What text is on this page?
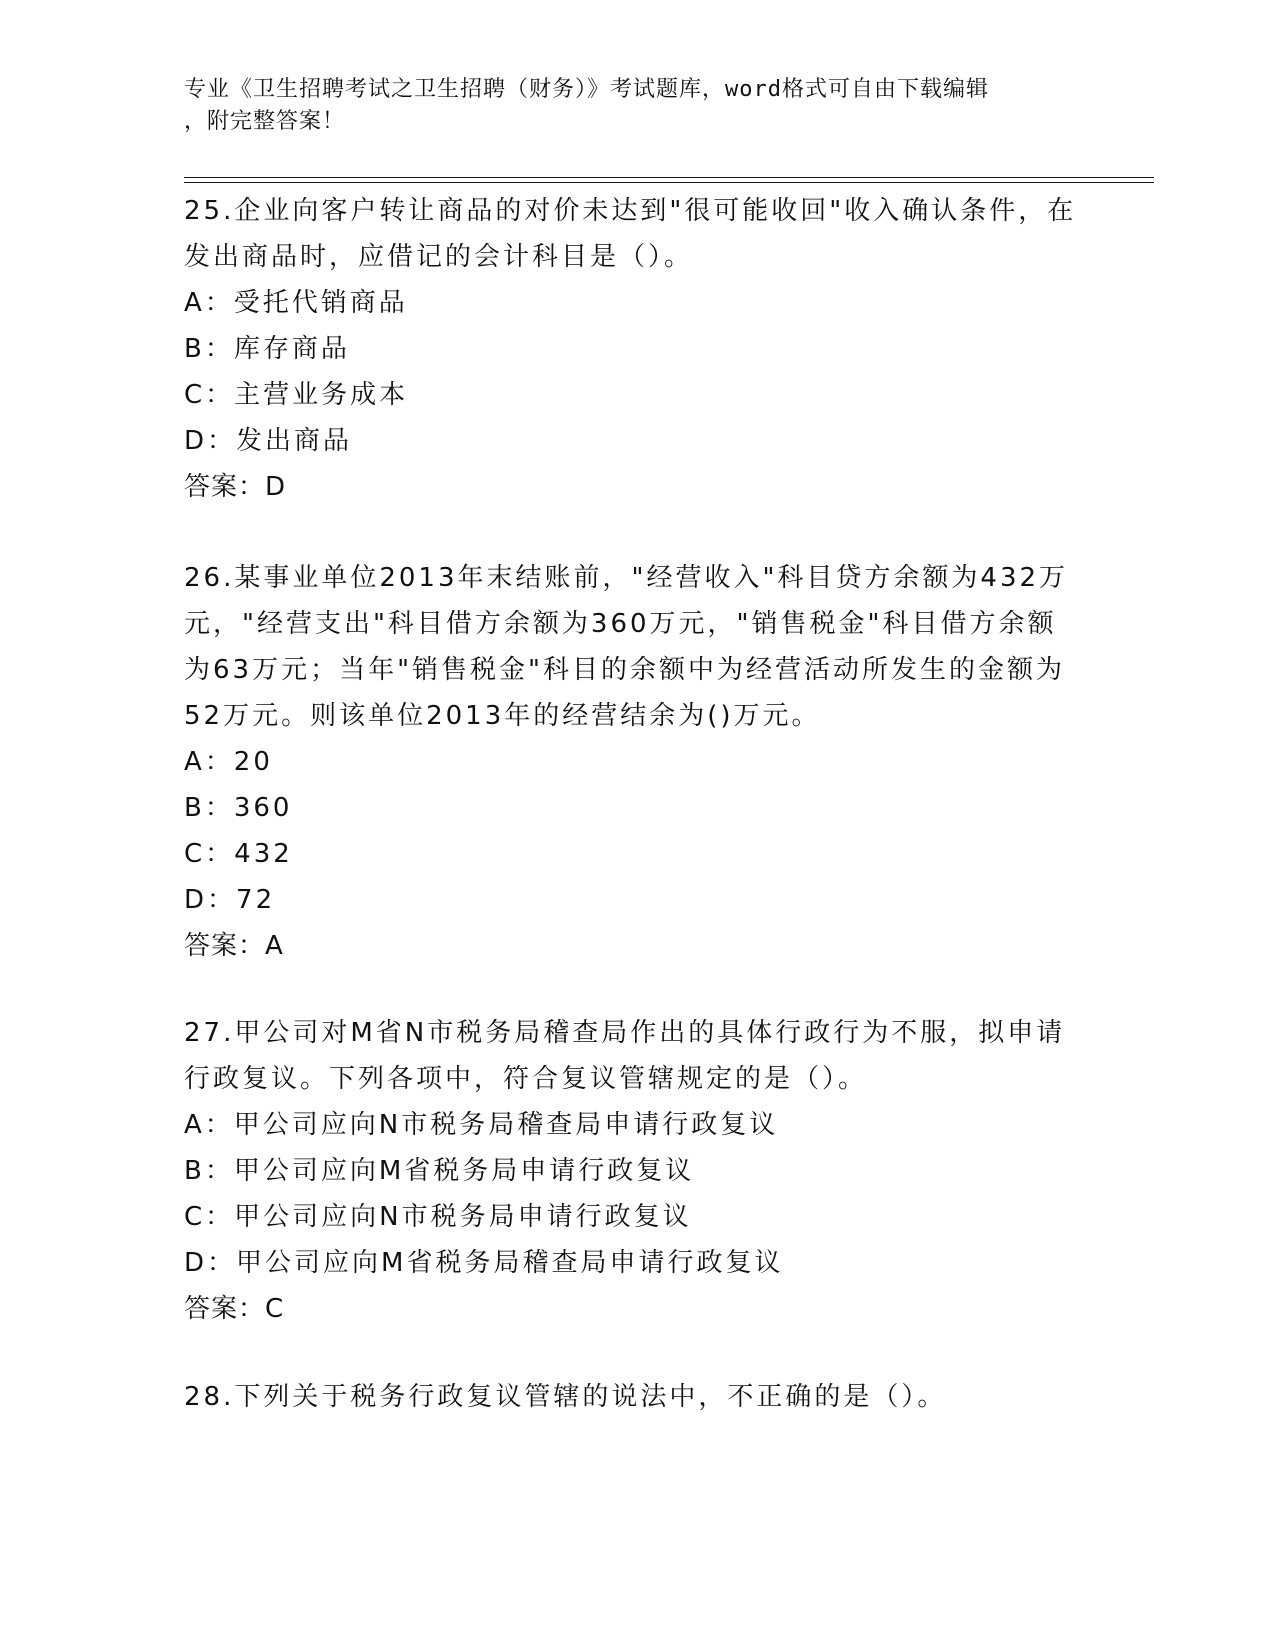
专业《卫生招聘考试之卫生招聘（财务）》考试题库，word格式可自由下载编辑
，附完整答案！
25.企业向客户转让商品的对价未达到"很可能收回"收入确认条件，在
发出商品时，应借记的会计科目是（）。
A：受托代销商品
B：库存商品
C：主营业务成本
D：发出商品
答案：D
26.某事业单位2013年末结账前，"经营收入"科目贷方余额为432万
元，"经营支出"科目借方余额为360万元，"销售税金"科目借方余额
为63万元；当年"销售税金"科目的余额中为经营活动所发生的金额为
52万元。则该单位2013年的经营结余为()万元。
A：20
B：360
C：432
D：72
答案：A
27.甲公司对M省N市税务局稽查局作出的具体行政行为不服，拟申请
行政复议。下列各项中，符合复议管辖规定的是（）。
A：甲公司应向N市税务局稽查局申请行政复议
B：甲公司应向M省税务局申请行政复议
C：甲公司应向N市税务局申请行政复议
D：甲公司应向M省税务局稽查局申请行政复议
答案：C
28.下列关于税务行政复议管辖的说法中，不正确的是（）。
